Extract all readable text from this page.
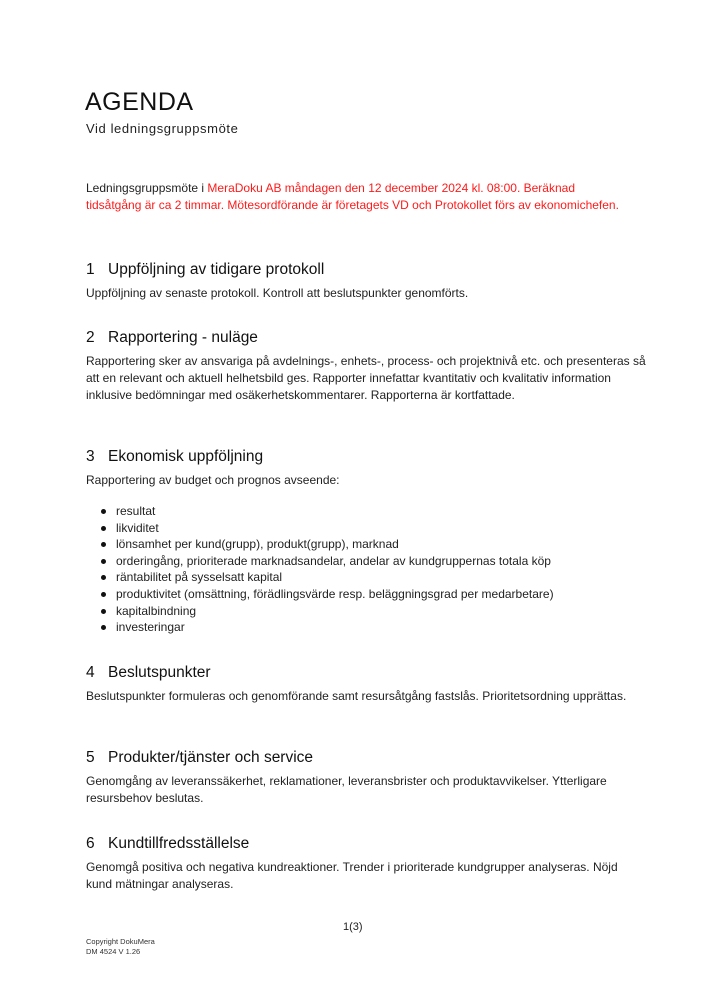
AGENDA
Vid ledningsgruppsmöte
Ledningsgruppsmöte i MeraDoku AB måndagen den 12 december 2024 kl. 08:00. Beräknad tidsåtgång är ca 2 timmar. Mötesordförande är företagets VD och Protokollet förs av ekonomichefen.
1 Uppföljning av tidigare protokoll

Uppföljning av senaste protokoll. Kontroll att beslutspunkter genomförts.

2 Rapportering - nuläge

Rapportering sker av ansvariga på avdelnings-, enhets-, process- och projektnivå etc. och presenteras så att en relevant och aktuell helhetsbild ges. Rapporter innefattar kvantitativ och kvalitativ information inklusive bedömningar med osäkerhetskommentarer. Rapporterna är kortfattade.

3 Ekonomisk uppföljning

Rapportering av budget och prognos avseende:

resultat
likviditet
lönsamhet per kund(grupp), produkt(grupp), marknad
orderingång, prioriterade marknadsandelar, andelar av kundgruppernas totala köp
räntabilitet på sysselsatt kapital
produktivitet (omsättning, förädlingsvärde resp. beläggningsgrad per medarbetare)
kapitalbindning
investeringar
4 Beslutspunkter

Beslutspunkter formuleras och genomförande samt resursåtgång fastslås. Prioritetsordning upprättas.

5 Produkter/tjänster och service

Genomgång av leveranssäkerhet, reklamationer, leveransbrister och produktavvikelser. Ytterligare resursbehov beslutas.

6 Kundtillfredsställelse

Genomgå positiva och negativa kundreaktioner. Trender i prioriterade kundgrupper analyseras. Nöjd kund mätningar analyseras.

1(3)
Copyright DokuMera
DM 4524 V 1.26
